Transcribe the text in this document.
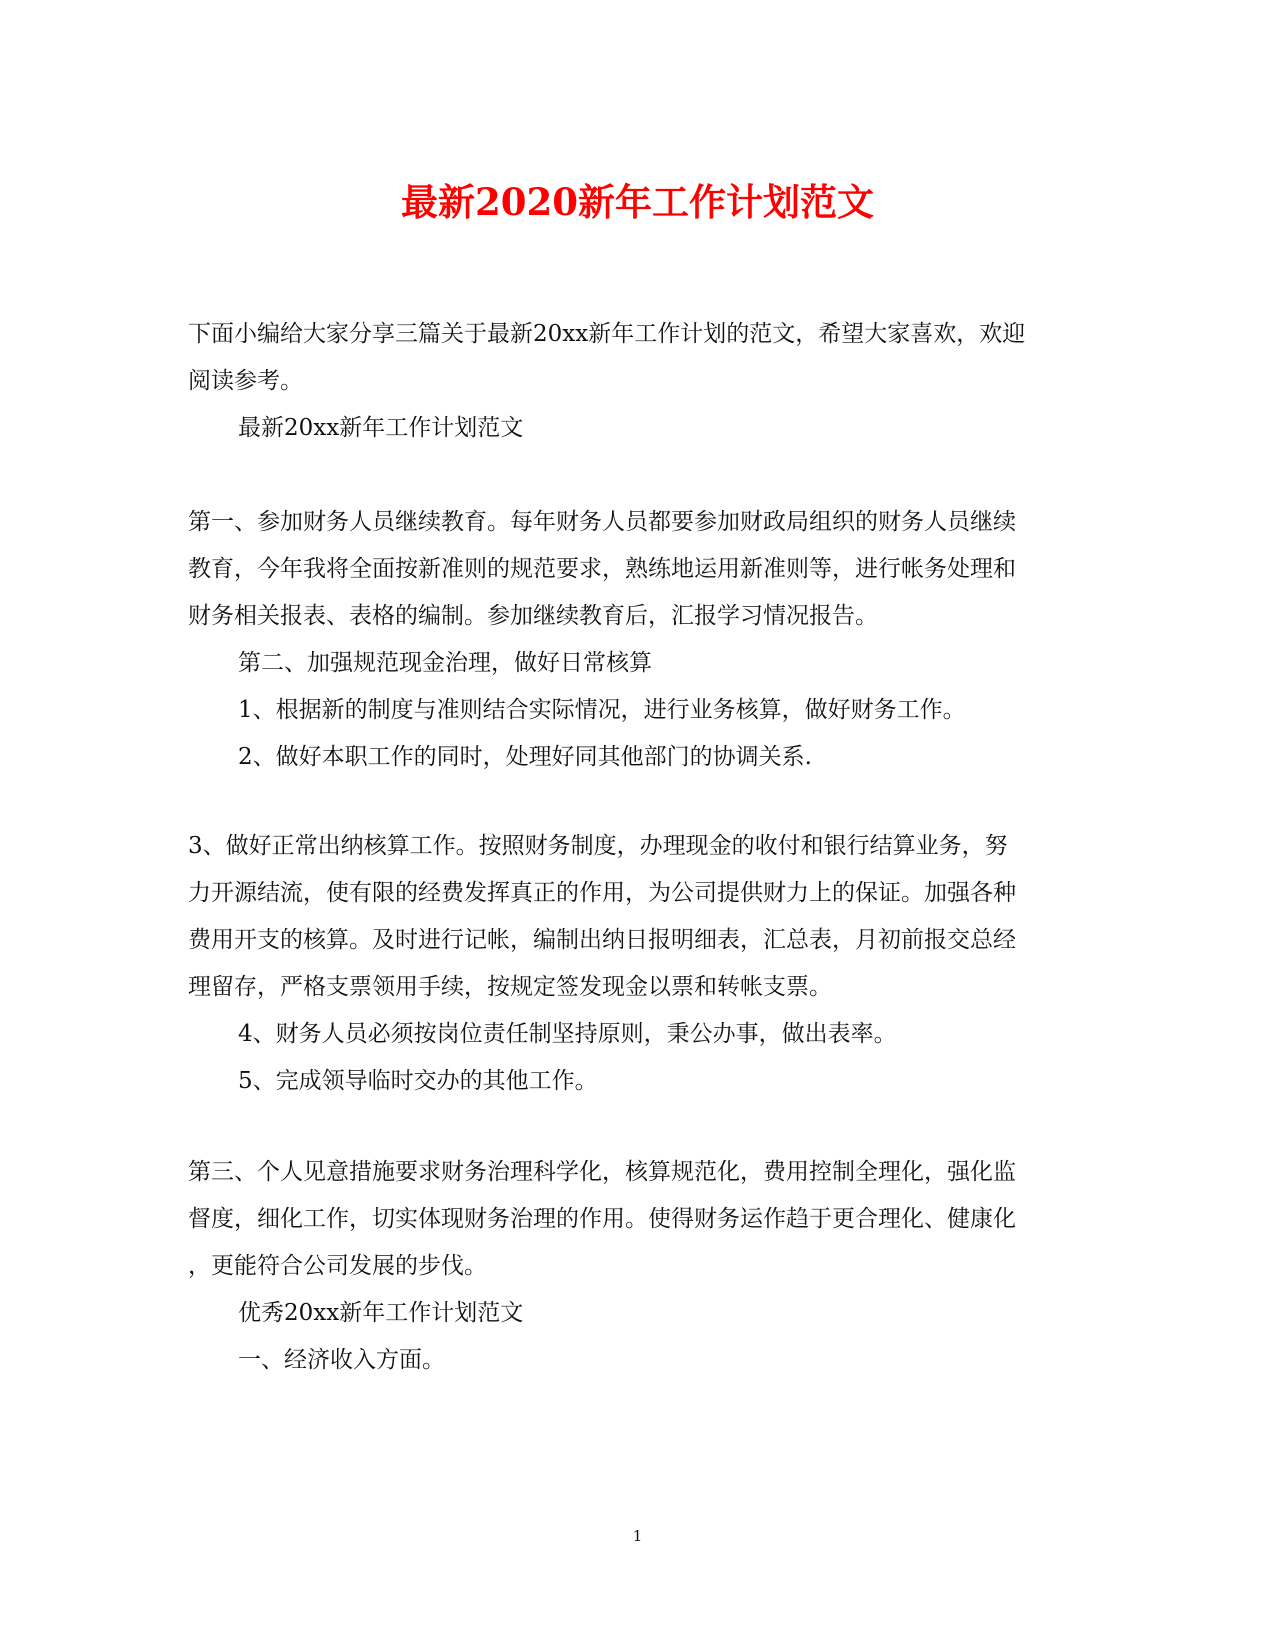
最新2020新年工作计划范文
下面小编给大家分享三篇关于最新20xx新年工作计划的范文，希望大家喜欢，欢迎
阅读参考。
最新20xx新年工作计划范文
第一、参加财务人员继续教育。每年财务人员都要参加财政局组织的财务人员继续
教育，今年我将全面按新准则的规范要求，熟练地运用新准则等，进行帐务处理和
财务相关报表、表格的编制。参加继续教育后，汇报学习情况报告。
第二、加强规范现金治理，做好日常核算
1、根据新的制度与准则结合实际情况，进行业务核算，做好财务工作。
2、做好本职工作的同时，处理好同其他部门的协调关系.
3、做好正常出纳核算工作。按照财务制度，办理现金的收付和银行结算业务，努
力开源结流，使有限的经费发挥真正的作用，为公司提供财力上的保证。加强各种
费用开支的核算。及时进行记帐，编制出纳日报明细表，汇总表，月初前报交总经
理留存，严格支票领用手续，按规定签发现金以票和转帐支票。
4、财务人员必须按岗位责任制坚持原则，秉公办事，做出表率。
5、完成领导临时交办的其他工作。
第三、个人见意措施要求财务治理科学化，核算规范化，费用控制全理化，强化监
督度，细化工作，切实体现财务治理的作用。使得财务运作趋于更合理化、健康化
，更能符合公司发展的步伐。
优秀20xx新年工作计划范文
一、经济收入方面。
1
